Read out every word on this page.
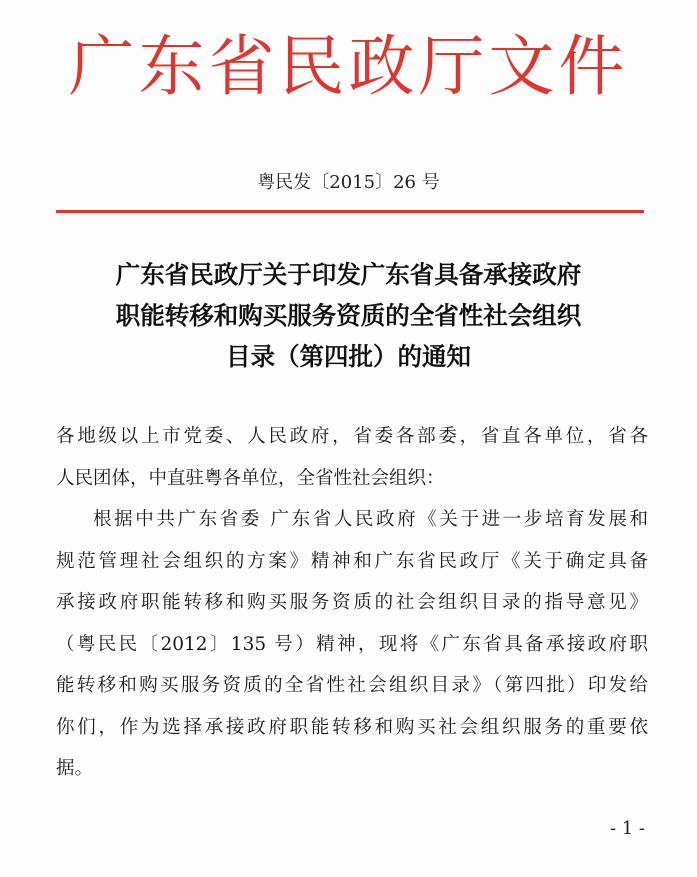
广东省民政厅文件
粤民发〔2015〕26 号
广东省民政厅关于印发广东省具备承接政府
职能转移和购买服务资质的全省性社会组织
目录（第四批）的通知
各地级以上市党委、人民政府，省委各部委，省直各单位，省各
人民团体，中直驻粤各单位，全省性社会组织：
根据中共广东省委 广东省人民政府《关于进一步培育发展和
规范管理社会组织的方案》精神和广东省民政厅《关于确定具备
承接政府职能转移和购买服务资质的社会组织目录的指导意见》
（粤民民〔2012〕135 号）精神，现将《广东省具备承接政府职
能转移和购买服务资质的全省性社会组织目录》（第四批）印发给
你们，作为选择承接政府职能转移和购买社会组织服务的重要依
据。
- 1 -
